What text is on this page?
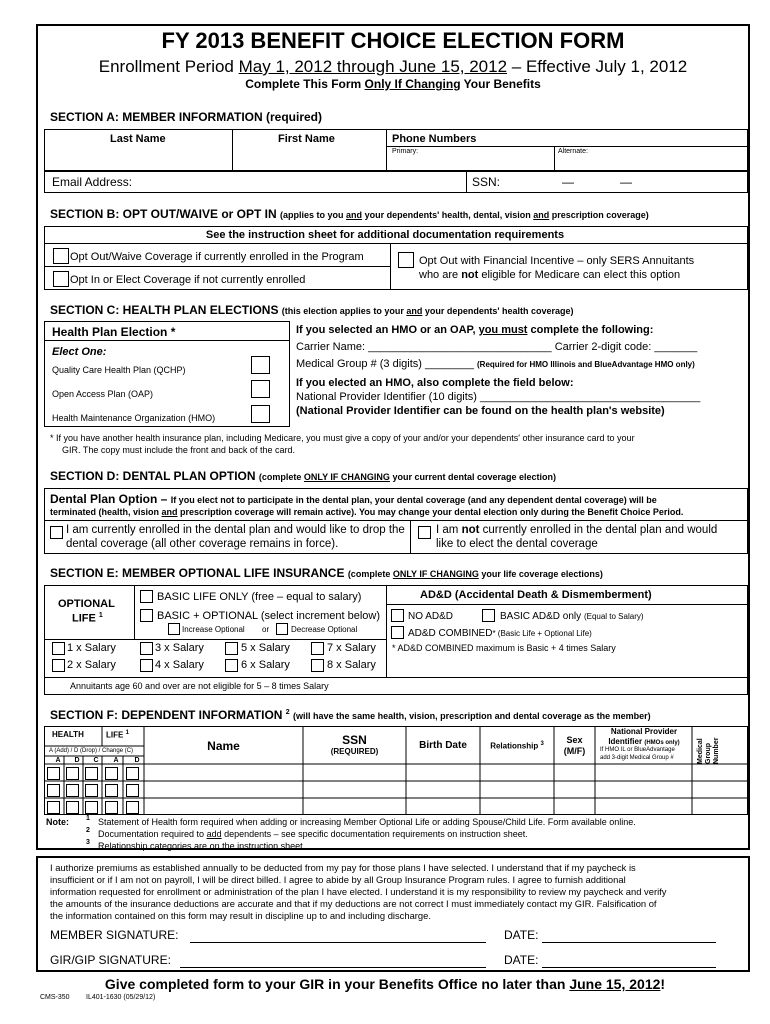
FY 2013 BENEFIT CHOICE ELECTION FORM
Enrollment Period May 1, 2012 through June 15, 2012 – Effective July 1, 2012
Complete This Form Only If Changing Your Benefits
SECTION A: MEMBER INFORMATION (required)
Last Name	First Name	Phone Numbers
Primary:	Alternate:
Email Address:	SSN:	—	—
SECTION B: OPT OUT/WAIVE or OPT IN (applies to you and your dependents' health, dental, vision and prescription coverage)
See the instruction sheet for additional documentation requirements
Opt Out/Waive Coverage if currently enrolled in the Program
Opt In or Elect Coverage if not currently enrolled
Opt Out with Financial Incentive – only SERS Annuitants
who are not eligible for Medicare can elect this option
SECTION C: HEALTH PLAN ELECTIONS (this election applies to your and your dependents' health coverage)
Health Plan Election *
Elect One:
Quality Care Health Plan (QCHP)
Open Access Plan (OAP)
Health Maintenance Organization (HMO)
If you selected an HMO or an OAP, you must complete the following:
Carrier Name: ______________________________ Carrier 2-digit code: _______
Medical Group # (3 digits) ________ (Required for HMO Illinois and BlueAdvantage HMO only)
If you elected an HMO, also complete the field below:
National Provider Identifier (10 digits) ____________________________________
(National Provider Identifier can be found on the health plan's website)
* If you have another health insurance plan, including Medicare, you must give a copy of your and/or your dependents' other insurance card to your
GIR. The copy must include the front and back of the card.
SECTION D: DENTAL PLAN OPTION (complete ONLY IF CHANGING your current dental coverage election)
Dental Plan Option – If you elect not to participate in the dental plan, your dental coverage (and any dependent dental coverage) will be
terminated (health, vision and prescription coverage will remain active). You may change your dental election only during the Benefit Choice Period.
I am currently enrolled in the dental plan and would like to drop the
dental coverage (all other coverage remains in force).
I am not currently enrolled in the dental plan and would
like to elect the dental coverage
SECTION E: MEMBER OPTIONAL LIFE INSURANCE (complete ONLY IF CHANGING your life coverage elections)
OPTIONAL
LIFE $^1$
BASIC LIFE ONLY (free – equal to salary)
BASIC + OPTIONAL (select increment below)
Increase Optional or	Decrease Optional
1 x Salary	3 x Salary	5 x Salary	7 x Salary
2 x Salary	4 x Salary	6 x Salary	8 x Salary
Annuitants age 60 and over are not eligible for 5 – 8 times Salary
AD&D (Accidental Death & Dismemberment)
NO AD&D	BASIC AD&D only (Equal to Salary)
AD&D COMBINED* (Basic Life + Optional Life)
* AD&D COMBINED maximum is Basic + 4 times Salary
SECTION F: DEPENDENT INFORMATION $^2$ (will have the same health, vision, prescription and dental coverage as the member)
HEALTH	LIFE $^1$
A (Add) / D (Drop) / Change (C)
A	D	C	A	D
Name	SSN
(REQUIRED)
Birth Date	Relationship $^3$	Sex
(M/F)
National Provider
Identifier (HMOs only)
If HMO IL or BlueAdvantage
add 3-digit Medical Group #	Medical Group Number
Note: 1 Statement of Health form required when adding or increasing Member Optional Life or adding Spouse/Child Life. Form available online.
2 Documentation required to add dependents – see specific documentation requirements on instruction sheet.
3 Relationship categories are on the instruction sheet.
I authorize premiums as established annually to be deducted from my pay for those plans I have selected. I understand that if my paycheck is
insufficient or if I am not on payroll, I will be direct billed. I agree to abide by all Group Insurance Program rules. I agree to furnish additional
information requested for enrollment or administration of the plan I have elected. I understand it is my responsibility to review my paycheck and verify
the amounts of the insurance deductions are accurate and that if my deductions are not correct I must immediately contact my GIR. Falsification of
the information contained on this form may result in discipline up to and including discharge.
MEMBER SIGNATURE:	DATE:
GIR/GIP SIGNATURE:	DATE:
Give completed form to your GIR in your Benefits Office no later than June 15, 2012!
CMS-350 IL401-1630 (05/29/12)
